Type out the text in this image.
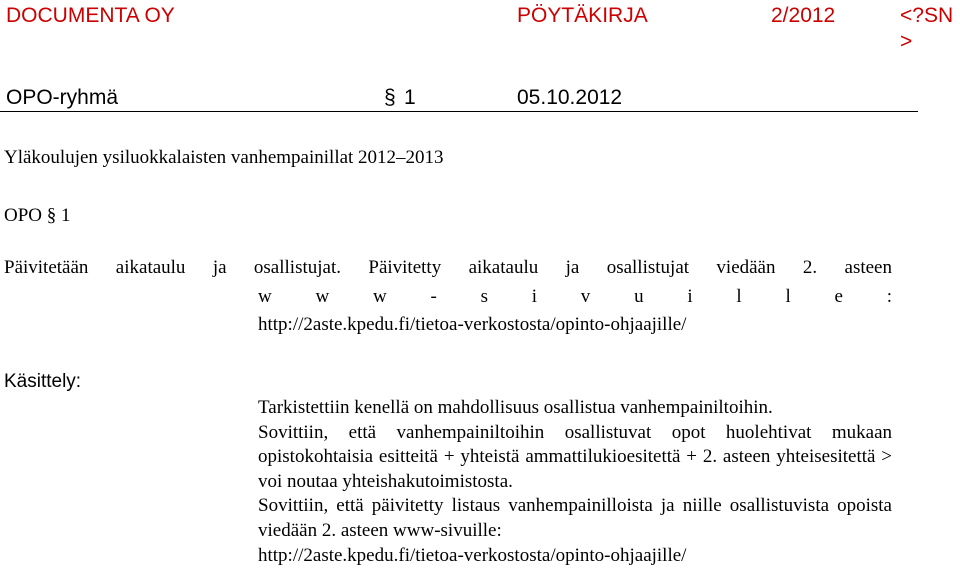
DOCUMENTA OY	PÖYTÄKIRJA	2/2012	<?SN >
OPO-ryhmä	§ 1	05.10.2012
Yläkoulujen ysiluokkalaisten vanhempainillat 2012–2013
OPO § 1
Päivitetään aikataulu ja osallistujat. Päivitetty aikataulu ja osallistujat viedään 2. asteen
w w w - s i v u i l l e :
http://2aste.kpedu.fi/tietoa-verkostosta/opinto-ohjaajille/
Käsittely:

Tarkistettiin kenellä on mahdollisuus osallistua vanhempainiltoihin.

Sovittiin, että vanhempainiltoihin osallistuvat opot huolehtivat mukaan opistokohtaisia esitteitä + yhteistä ammattilukioesitettä + 2. asteen yhteisesitettä > voi noutaa yhteishakutoimistosta.

Sovittiin, että päivitetty listaus vanhempainilloista ja niille osallistuvista opoista viedään 2. asteen www-sivuille:

http://2aste.kpedu.fi/tietoa-verkostosta/opinto-ohjaajille/
